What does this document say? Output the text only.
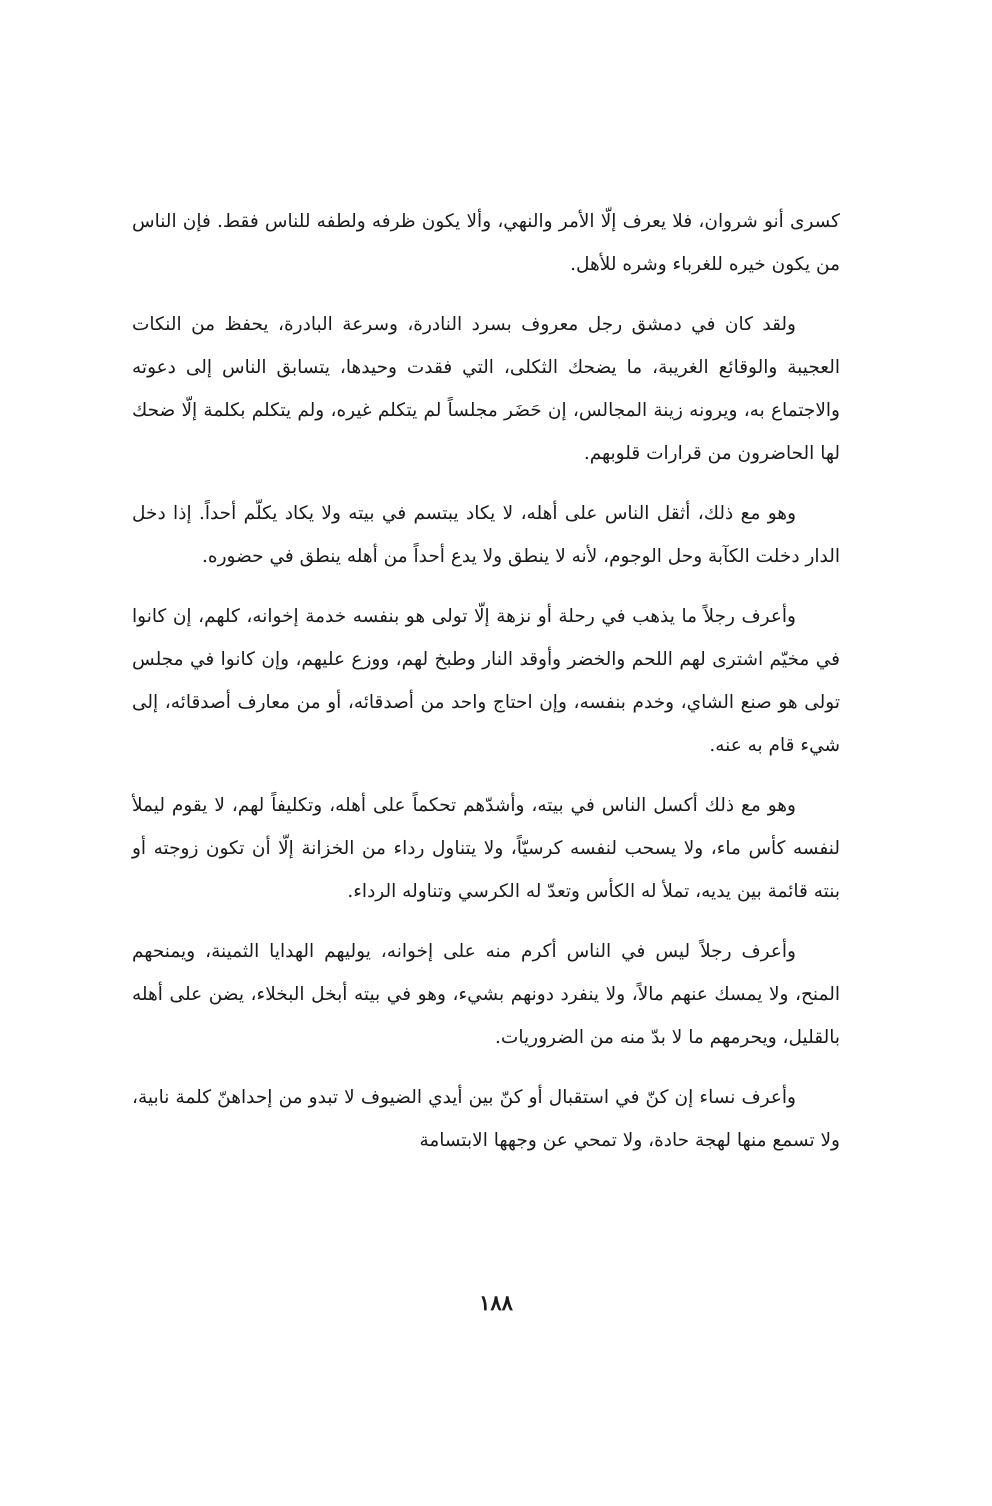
كسرى أنو شروان، فلا يعرف إلّا الأمر والنهي، وألا يكون ظرفه ولطفه للناس فقط. فإن الناس من يكون خيره للغرباء وشره للأهل.

ولقد كان في دمشق رجل معروف بسرد النادرة، وسرعة البادرة، يحفظ من النكات العجيبة والوقائع الغريبة، ما يضحك الثكلى، التي فقدت وحيدها، يتسابق الناس إلى دعوته والاجتماع به، ويرونه زينة المجالس، إن حَضَر مجلساً لم يتكلم غيره، ولم يتكلم بكلمة إلّا ضحك لها الحاضرون من قرارات قلوبهم.

وهو مع ذلك، أثقل الناس على أهله، لا يكاد يبتسم في بيته ولا يكاد يكلّم أحداً. إذا دخل الدار دخلت الكآبة وحل الوجوم، لأنه لا ينطق ولا يدع أحداً من أهله ينطق في حضوره.

وأعرف رجلاً ما يذهب في رحلة أو نزهة إلّا تولى هو بنفسه خدمة إخوانه، كلهم، إن كانوا في مخيّم اشترى لهم اللحم والخضر وأوقد النار وطبخ لهم، ووزع عليهم، وإن كانوا في مجلس تولى هو صنع الشاي، وخدم بنفسه، وإن احتاج واحد من أصدقائه، أو من معارف أصدقائه، إلى شيء قام به عنه.

وهو مع ذلك أكسل الناس في بيته، وأشدّهم تحكماً على أهله، وتكليفاً لهم، لا يقوم ليملأ لنفسه كأس ماء، ولا يسحب لنفسه كرسيّاً، ولا يتناول رداء من الخزانة إلّا أن تكون زوجته أو بنته قائمة بين يديه، تملأ له الكأس وتعدّ له الكرسي وتناوله الرداء.

وأعرف رجلاً ليس في الناس أكرم منه على إخوانه، يوليهم الهدايا الثمينة، ويمنحهم المنح، ولا يمسك عنهم مالاً، ولا ينفرد دونهم بشيء، وهو في بيته أبخل البخلاء، يضن على أهله بالقليل، ويحرمهم ما لا بدّ منه من الضروريات.

وأعرف نساء إن كنّ في استقبال أو كنّ بين أيدي الضيوف لا تبدو من إحداهنّ كلمة نابية، ولا تسمع منها لهجة حادة، ولا تمحي عن وجهها الابتسامة

١٨٨
